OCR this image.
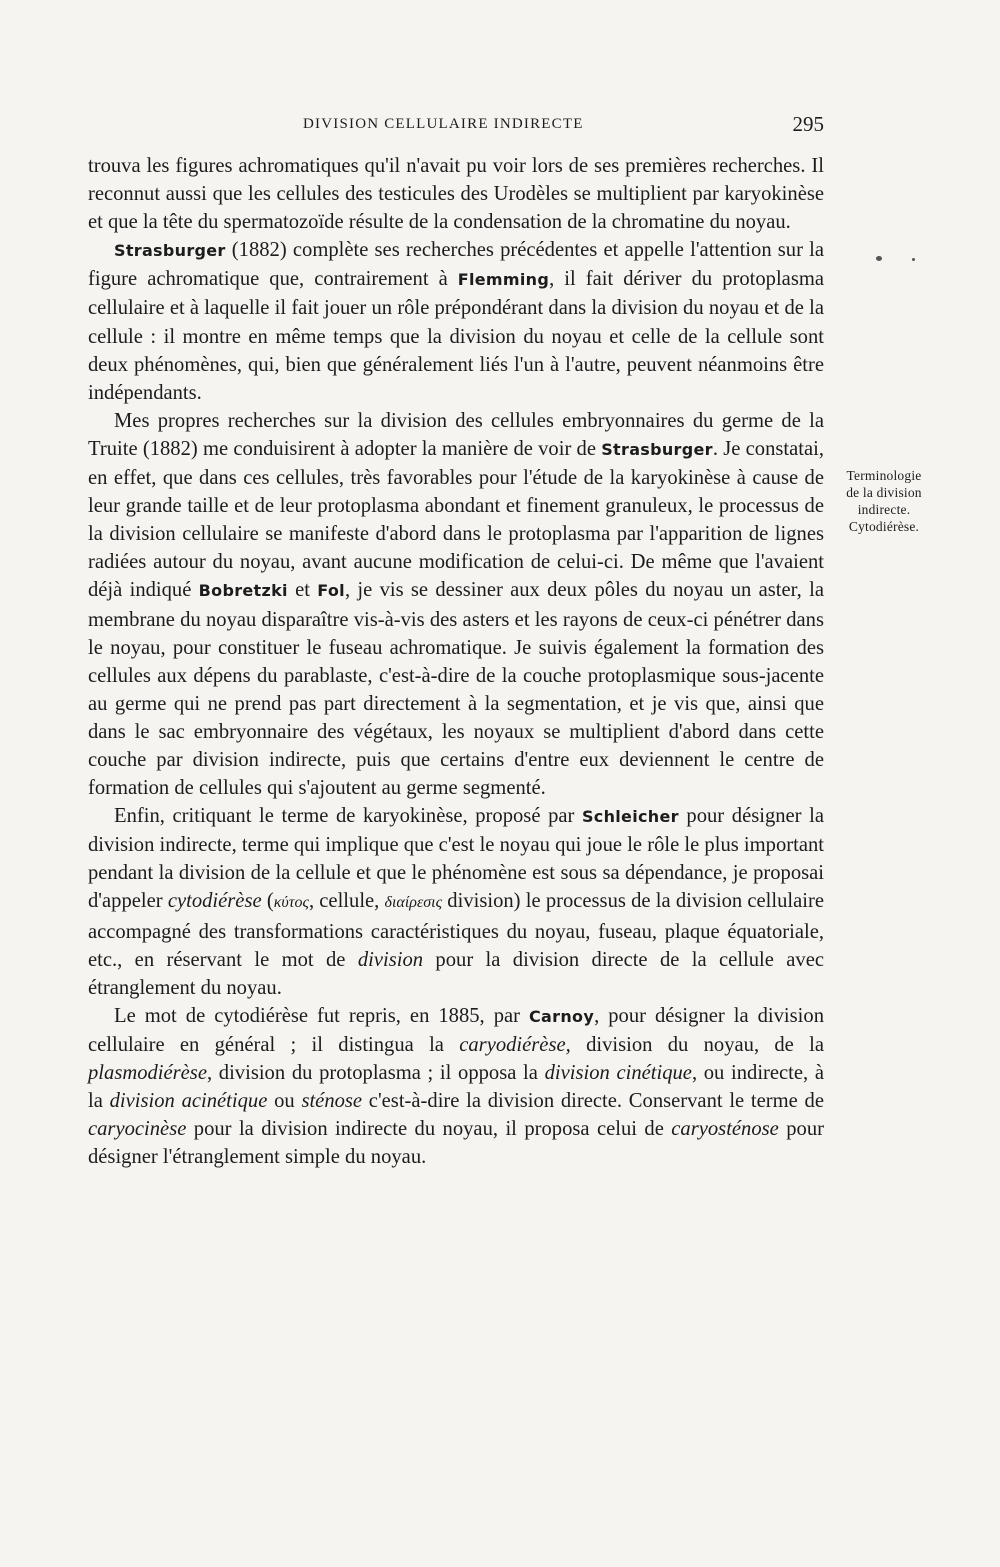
DIVISION CELLULAIRE INDIRECTE	295

trouva les figures achromatiques qu'il n'avait pu voir lors de ses premières recherches. Il reconnut aussi que les cellules des testicules des Urodèles se multiplient par karyokinèse et que la tête du spermatozoïde résulte de la condensation de la chromatine du noyau.

Strasburger (1882) complète ses recherches précédentes et appelle l'attention sur la figure achromatique que, contrairement à Flemming, il fait dériver du protoplasma cellulaire et à laquelle il fait jouer un rôle prépondérant dans la division du noyau et de la cellule : il montre en même temps que la division du noyau et celle de la cellule sont deux phénomènes, qui, bien que généralement liés l'un à l'autre, peuvent néanmoins être indépendants.

Mes propres recherches sur la division des cellules embryonnaires du germe de la Truite (1882) me conduisirent à adopter la manière de voir de Strasburger. Je constatai, en effet, que dans ces cellules, très favorables pour l'étude de la karyokinèse à cause de leur grande taille et de leur protoplasma abondant et finement granuleux, le processus de la division cellulaire se manifeste d'abord dans le protoplasma par l'apparition de lignes radiées autour du noyau, avant aucune modification de celui-ci. De même que l'avaient déjà indiqué Bobretzki et Fol, je vis se dessiner aux deux pôles du noyau un aster, la membrane du noyau disparaître vis-à-vis des asters et les rayons de ceux-ci pénétrer dans le noyau, pour constituer le fuseau achromatique. Je suivis également la formation des cellules aux dépens du parablaste, c'est-à-dire de la couche protoplasmique sous-jacente au germe qui ne prend pas part directement à la segmentation, et je vis que, ainsi que dans le sac embryonnaire des végétaux, les noyaux se multiplient d'abord dans cette couche par division indirecte, puis que certains d'entre eux deviennent le centre de formation de cellules qui s'ajoutent au germe segmenté.

Enfin, critiquant le terme de karyokinèse, proposé par Schleicher pour désigner la division indirecte, terme qui implique que c'est le noyau qui joue le rôle le plus important pendant la division de la cellule et que le phénomène est sous sa dépendance, je proposai d'appeler cytodiérèse (κύτος, cellule, διαίρεσις division) le processus de la division cellulaire accompagné des transformations caractéristiques du noyau, fuseau, plaque équatoriale, etc., en réservant le mot de division pour la division directe de la cellule avec étranglement du noyau.

Le mot de cytodiérèse fut repris, en 1885, par Carnoy, pour désigner la division cellulaire en général ; il distingua la caryodiérèse, division du noyau, de la plasmodiérèse, division du protoplasma ; il opposa la division cinétique, ou indirecte, à la division acinétique ou sténose c'est-à-dire la division directe. Conservant le terme de caryocinèse pour la division indirecte du noyau, il proposa celui de caryosténose pour désigner l'étranglement simple du noyau.

Terminologie
de la division
indirecte.
Cytodiérèse.
